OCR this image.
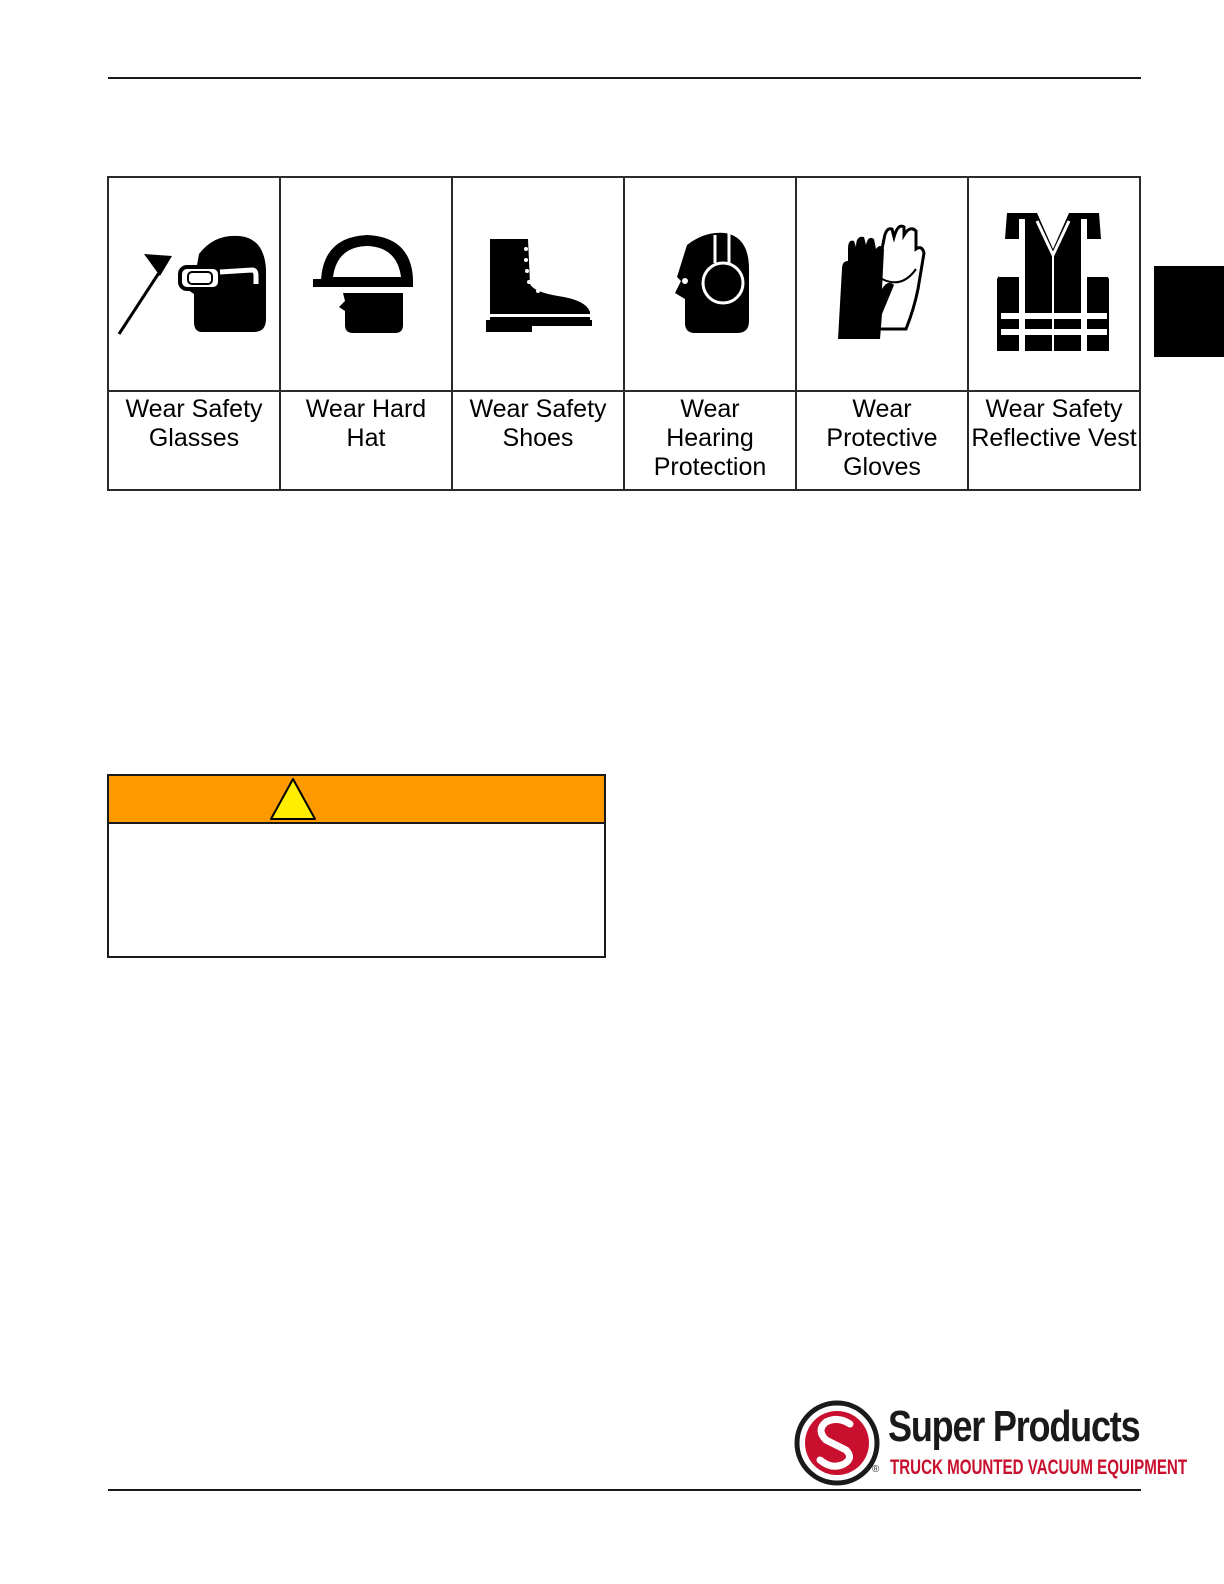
Wear Safety
Glasses	Wear Hard
Hat	Wear Safety
Shoes	Wear
Hearing
Protection	Wear
Protective
Gloves	Wear Safety
Reflective Vest
Super Products
® TRUCK MOUNTED VACUUM EQUIPMENT
